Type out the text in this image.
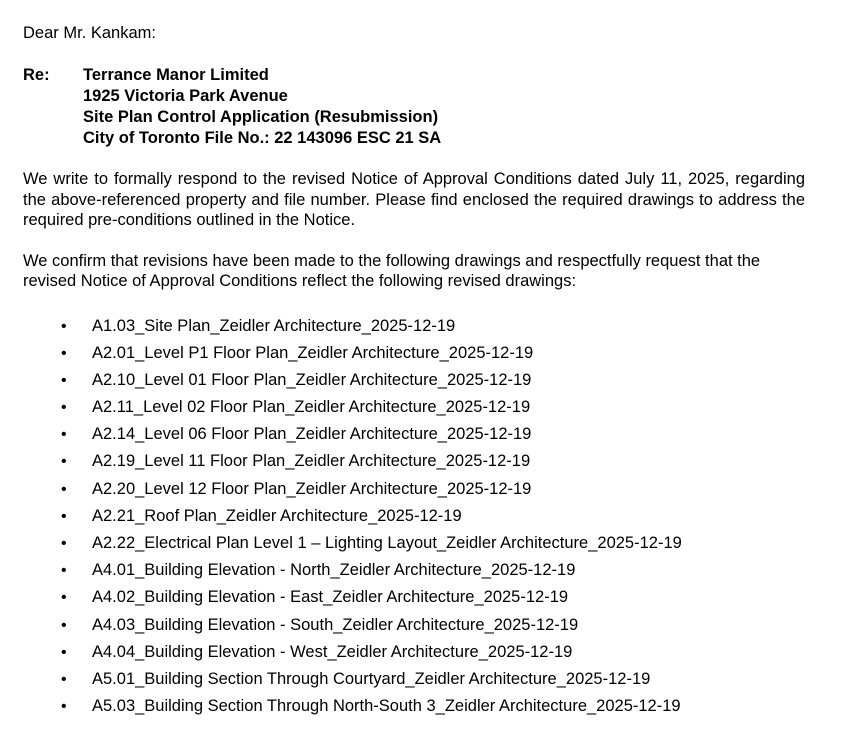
Dear Mr. Kankam:

Re:	Terrance Manor Limited
1925 Victoria Park Avenue
Site Plan Control Application (Resubmission)
City of Toronto File No.: 22 143096 ESC 21 SA

We write to formally respond to the revised Notice of Approval Conditions dated July 11, 2025, regarding the above-referenced property and file number. Please find enclosed the required drawings to address the required pre-conditions outlined in the Notice.

We confirm that revisions have been made to the following drawings and respectfully request that the revised Notice of Approval Conditions reflect the following revised drawings:

•	A1.03_Site Plan_Zeidler Architecture_2025-12-19
•	A2.01_Level P1 Floor Plan_Zeidler Architecture_2025-12-19
•	A2.10_Level 01 Floor Plan_Zeidler Architecture_2025-12-19
•	A2.11_Level 02 Floor Plan_Zeidler Architecture_2025-12-19
•	A2.14_Level 06 Floor Plan_Zeidler Architecture_2025-12-19
•	A2.19_Level 11 Floor Plan_Zeidler Architecture_2025-12-19
•	A2.20_Level 12 Floor Plan_Zeidler Architecture_2025-12-19
•	A2.21_Roof Plan_Zeidler Architecture_2025-12-19
•	A2.22_Electrical Plan Level 1 – Lighting Layout_Zeidler Architecture_2025-12-19
•	A4.01_Building Elevation - North_Zeidler Architecture_2025-12-19
•	A4.02_Building Elevation - East_Zeidler Architecture_2025-12-19
•	A4.03_Building Elevation - South_Zeidler Architecture_2025-12-19
•	A4.04_Building Elevation - West_Zeidler Architecture_2025-12-19
•	A5.01_Building Section Through Courtyard_Zeidler Architecture_2025-12-19
•	A5.03_Building Section Through North-South 3_Zeidler Architecture_2025-12-19
